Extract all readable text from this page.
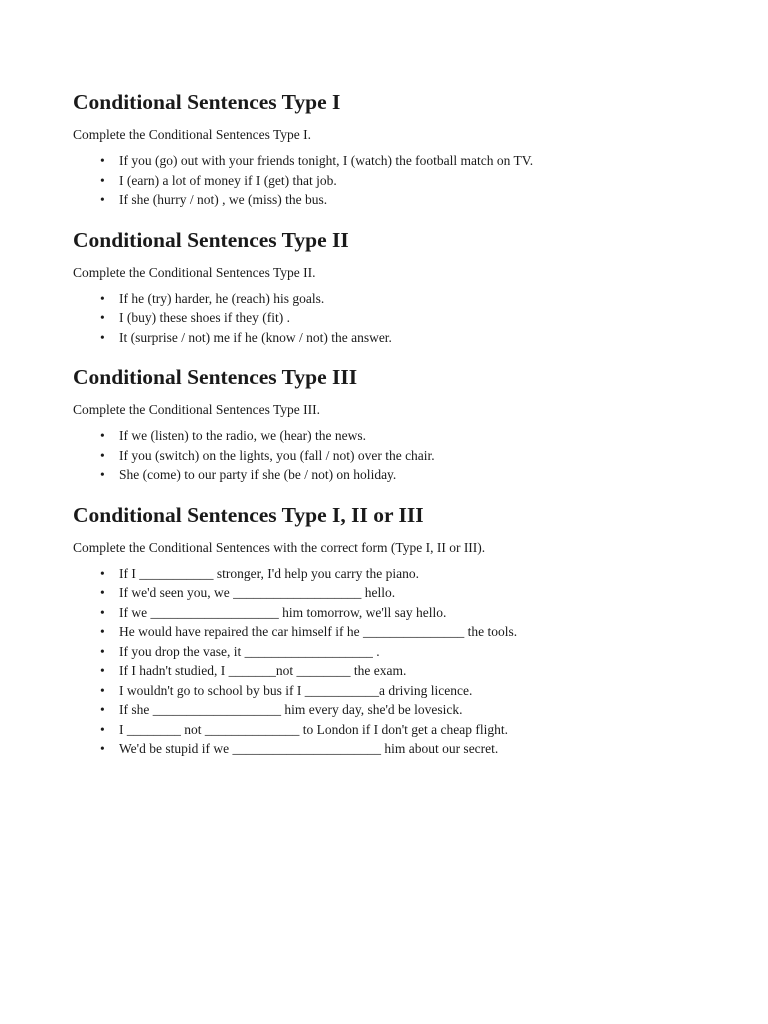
Conditional Sentences Type I

Complete the Conditional Sentences Type I.

• If you (go) out with your friends tonight, I (watch) the football match on TV.
• I (earn) a lot of money if I (get) that job.
• If she (hurry / not) , we (miss) the bus.
Conditional Sentences Type II

Complete the Conditional Sentences Type II.

• If he (try) harder, he (reach) his goals.
• I (buy) these shoes if they (fit) .
• It (surprise / not) me if he (know / not) the answer.
Conditional Sentences Type III

Complete the Conditional Sentences Type III.

• If we (listen) to the radio, we (hear) the news.
• If you (switch) on the lights, you (fall / not) over the chair.
• She (come) to our party if she (be / not) on holiday.
Conditional Sentences Type I, II or III

Complete the Conditional Sentences with the correct form (Type I, II or III).

• If I ___________ stronger, I'd help you carry the piano.
• If we'd seen you, we ___________________ hello.
• If we ___________________ him tomorrow, we'll say hello.
• He would have repaired the car himself if he _______________ the tools.
• If you drop the vase, it ___________________ .
• If I hadn't studied, I _______not ________ the exam.
• I wouldn't go to school by bus if I ___________a driving licence.
• If she ___________________ him every day, she'd be lovesick.
• I ________ not ______________ to London if I don't get a cheap flight.
• We'd be stupid if we ______________________ him about our secret.
